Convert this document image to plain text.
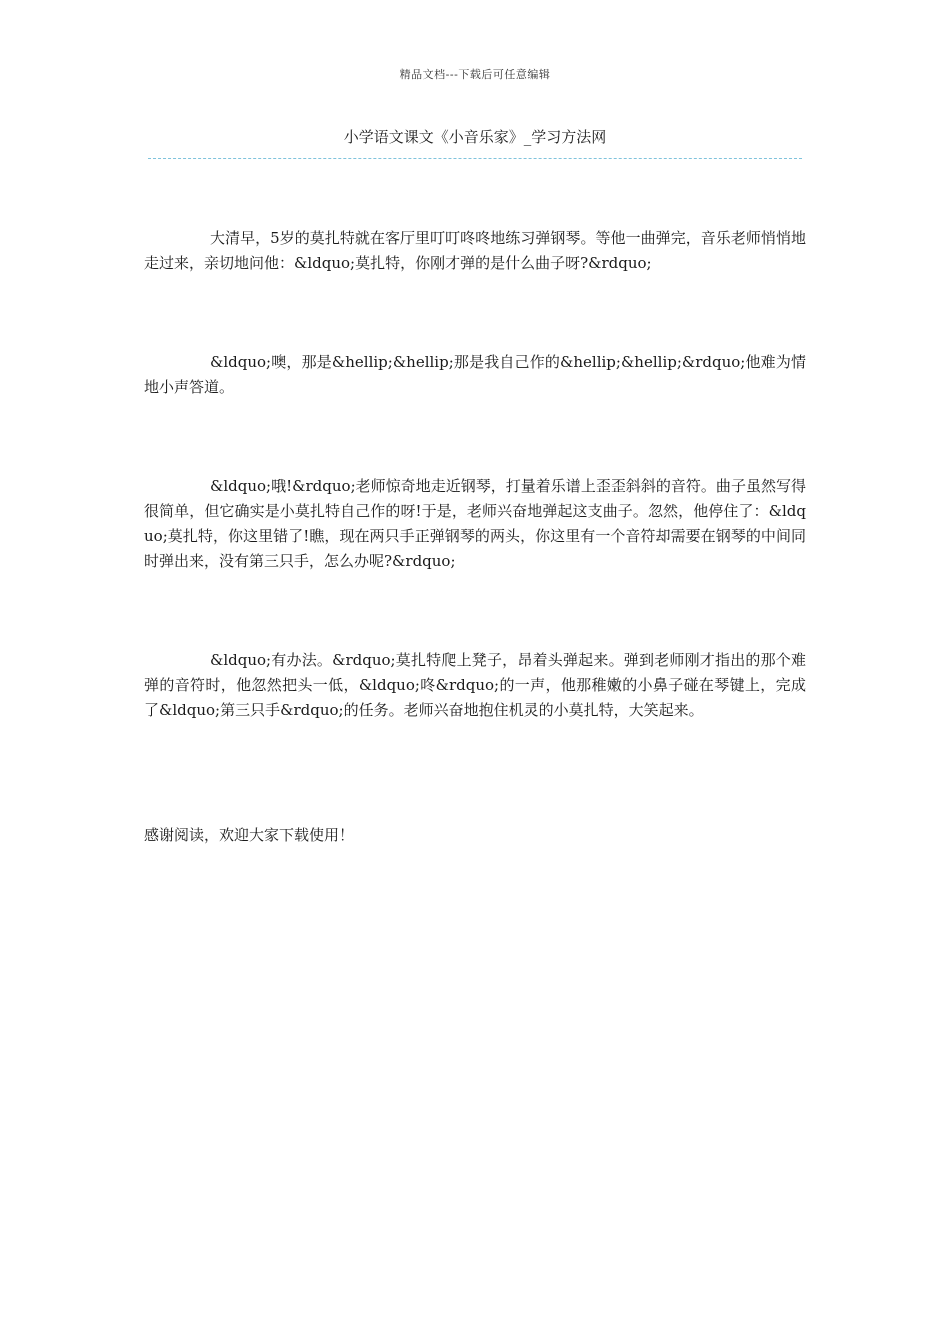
精品文档---下载后可任意编辑
小学语文课文《小音乐家》_学习方法网

大清早，5岁的莫扎特就在客厅里叮叮咚咚地练习弹钢琴。等他一曲弹完，音乐老师悄悄地走过来，亲切地问他：&ldquo;莫扎特，你刚才弹的是什么曲子呀?&rdquo;

&ldquo;噢，那是&hellip;&hellip;那是我自己作的&hellip;&hellip;&rdquo;他难为情地小声答道。

&ldquo;哦!&rdquo;老师惊奇地走近钢琴，打量着乐谱上歪歪斜斜的音符。曲子虽然写得很简单，但它确实是小莫扎特自己作的呀!于是，老师兴奋地弹起这支曲子。忽然，他停住了：&ldquo;莫扎特，你这里错了!瞧，现在两只手正弹钢琴的两头，你这里有一个音符却需要在钢琴的中间同时弹出来，没有第三只手，怎么办呢?&rdquo;

&ldquo;有办法。&rdquo;莫扎特爬上凳子，昂着头弹起来。弹到老师刚才指出的那个难弹的音符时，他忽然把头一低，&ldquo;咚&rdquo;的一声，他那稚嫩的小鼻子碰在琴键上，完成了&ldquo;第三只手&rdquo;的任务。老师兴奋地抱住机灵的小莫扎特，大笑起来。

感谢阅读，欢迎大家下载使用！
